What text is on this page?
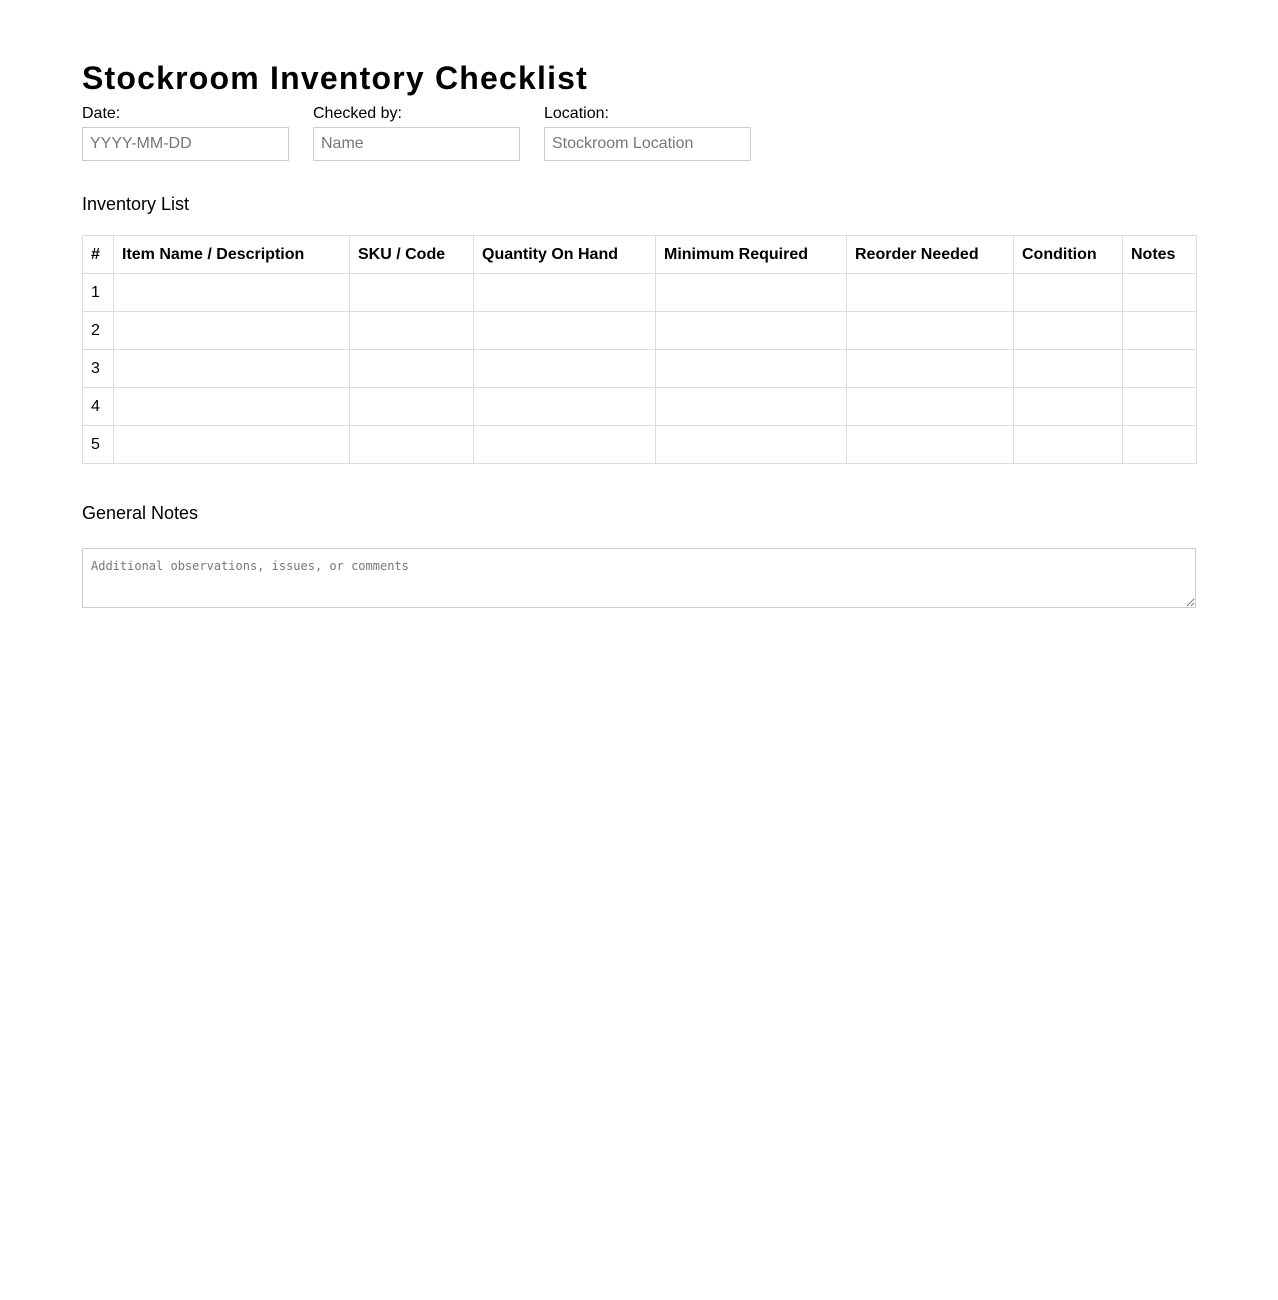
Stockroom Inventory Checklist
Date:
YYYY-MM-DD	Checked by:
Name	Location:
Stockroom Location
Inventory List
#	Item Name / Description	SKU / Code	Quantity On Hand	Minimum Required	Reorder Needed	Condition	Notes
1							
2							
3							
4							
5							
General Notes
Additional observations, issues, or comments
